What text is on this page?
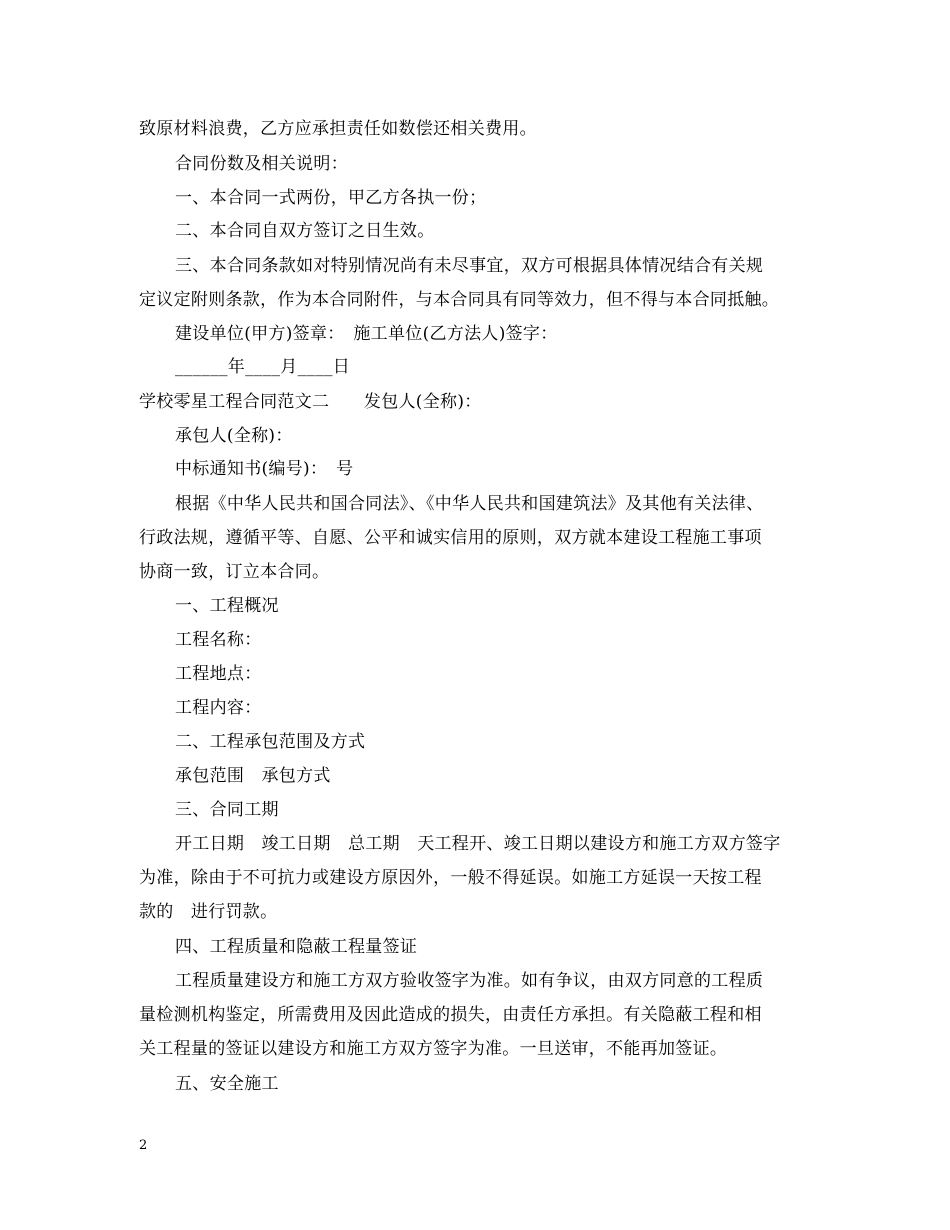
致原材料浪费，乙方应承担责任如数偿还相关费用。
合同份数及相关说明：
一、本合同一式两份，甲乙方各执一份；
二、本合同自双方签订之日生效。
三、本合同条款如对特别情况尚有未尽事宜，双方可根据具体情况结合有关规
定议定附则条款，作为本合同附件，与本合同具有同等效力，但不得与本合同抵触。
建设单位(甲方)签章：　施工单位(乙方法人)签字：
______年____月____日
学校零星工程合同范文二　　发包人(全称)：
承包人(全称)：
中标通知书(编号)：　号
根据《中华人民共和国合同法》、《中华人民共和国建筑法》及其他有关法律、
行政法规，遵循平等、自愿、公平和诚实信用的原则，双方就本建设工程施工事项
协商一致，订立本合同。
一、工程概况
工程名称：
工程地点：
工程内容：
二、工程承包范围及方式
承包范围　承包方式
三、合同工期
开工日期　竣工日期　总工期　天工程开、竣工日期以建设方和施工方双方签字
为准，除由于不可抗力或建设方原因外，一般不得延误。如施工方延误一天按工程
款的　进行罚款。
四、工程质量和隐蔽工程量签证
工程质量建设方和施工方双方验收签字为准。如有争议，由双方同意的工程质
量检测机构鉴定，所需费用及因此造成的损失，由责任方承担。有关隐蔽工程和相
关工程量的签证以建设方和施工方双方签字为准。一旦送审，不能再加签证。
五、安全施工
2
